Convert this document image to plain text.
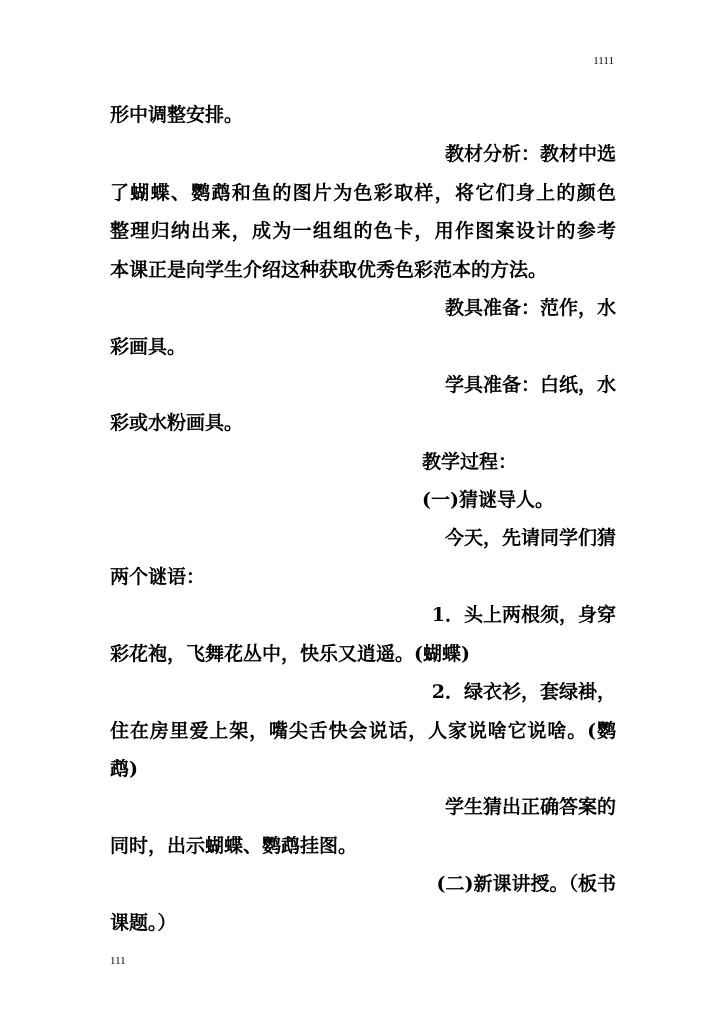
1111
形中调整安排。
教材分析：教材中选
了蝴蝶、鹦鹉和鱼的图片为色彩取样，将它们身上的颜色
整理归纳出来，成为一组组的色卡，用作图案设计的参考
本课正是向学生介绍这种获取优秀色彩范本的方法。
教具准备：范作，水
彩画具。
学具准备：白纸，水
彩或水粉画具。
教学过程：
(一)猜谜导人。
今天，先请同学们猜
两个谜语：
1．头上两根须，身穿
彩花袍，飞舞花丛中，快乐又逍遥。(蝴蝶)
2．绿衣衫，套绿褂，
住在房里爱上架，嘴尖舌快会说话，人家说啥它说啥。(鹦
鹉)
学生猜出正确答案的
同时，出示蝴蝶、鹦鹉挂图。
(二)新课讲授。（板书
课题。）
111
